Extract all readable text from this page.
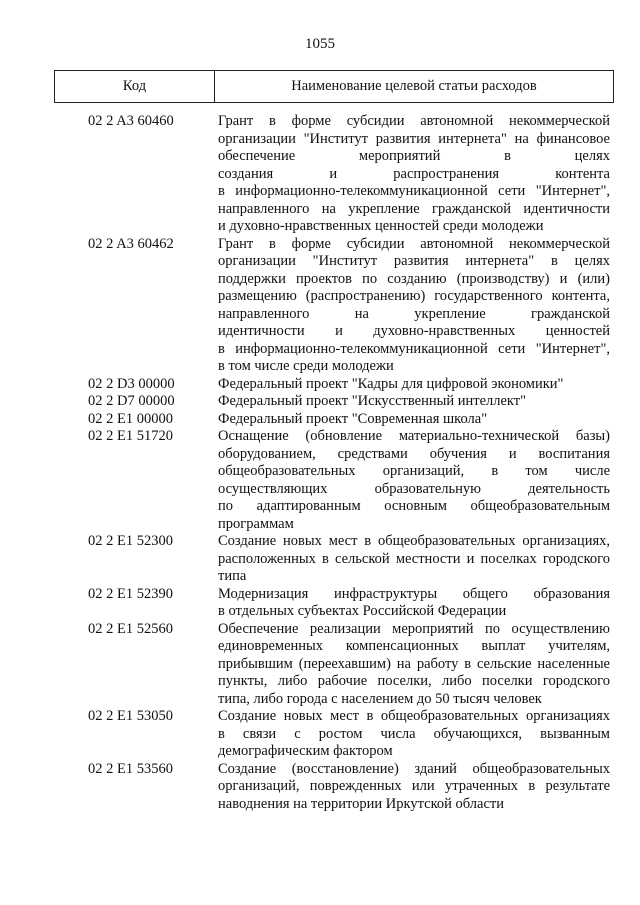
1055
Код	Наименование целевой статьи расходов
02 2 A3 60460	Грант в форме субсидии автономной некоммерческой
организации "Институт развития интернета" на финансовое
обеспечение мероприятий в целях
создания и распространения контента
в информационно-телекоммуникационной сети "Интернет",
направленного на укрепление гражданской идентичности
и духовно-нравственных ценностей среди молодежи
02 2 A3 60462	Грант в форме субсидии автономной некоммерческой
организации "Институт развития интернета" в целях
поддержки проектов по созданию (производству) и (или)
размещению (распространению) государственного контента,
направленного на укрепление гражданской
идентичности и духовно-нравственных ценностей
в информационно-телекоммуникационной сети "Интернет",
в том числе среди молодежи
02 2 D3 00000	Федеральный проект "Кадры для цифровой экономики"
02 2 D7 00000	Федеральный проект "Искусственный интеллект"
02 2 E1 00000	Федеральный проект "Современная школа"
02 2 E1 51720	Оснащение (обновление материально-технической базы)
оборудованием, средствами обучения и воспитания
общеобразовательных организаций, в том числе
осуществляющих образовательную деятельность
по адаптированным основным общеобразовательным
программам
02 2 E1 52300	Создание новых мест в общеобразовательных организациях,
расположенных в сельской местности и поселках городского
типа
02 2 E1 52390	Модернизация инфраструктуры общего образования
в отдельных субъектах Российской Федерации
02 2 E1 52560	Обеспечение реализации мероприятий по осуществлению
единовременных компенсационных выплат учителям,
прибывшим (переехавшим) на работу в сельские населенные
пункты, либо рабочие поселки, либо поселки городского
типа, либо города с населением до 50 тысяч человек
02 2 E1 53050	Создание новых мест в общеобразовательных организациях
в связи с ростом числа обучающихся, вызванным
демографическим фактором
02 2 E1 53560	Создание (восстановление) зданий общеобразовательных
организаций, поврежденных или утраченных в результате
наводнения на территории Иркутской области
